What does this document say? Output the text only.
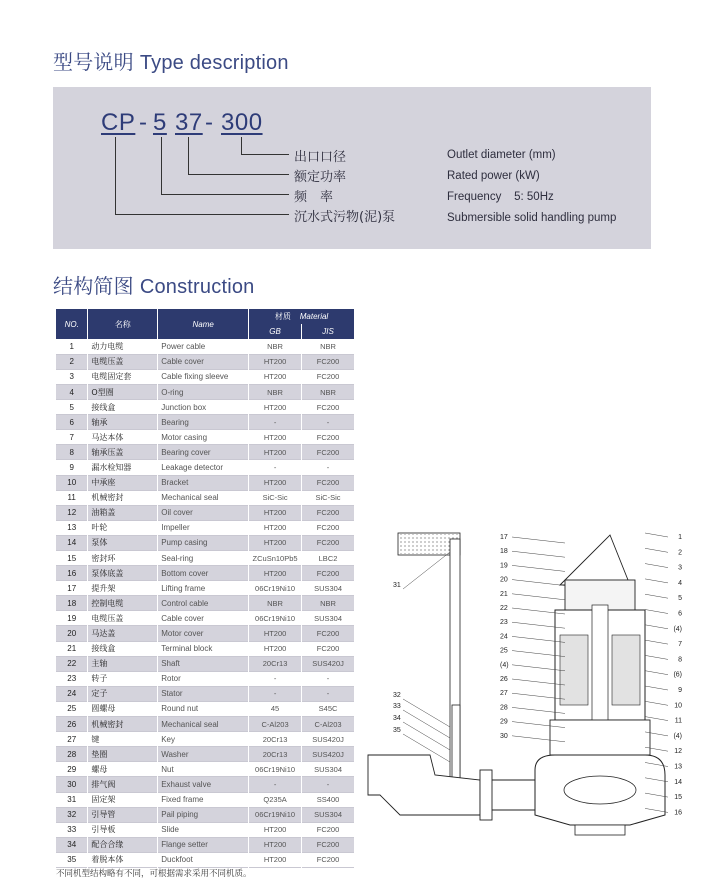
型号说明 Type description
CP - 5 37 - 300
出口口径
额定功率
频　率
沉水式污物(泥)泵
Outlet diameter (mm)
Rated power (kW)
Frequency    5: 50Hz
Submersible solid handling pump
结构简图 Construction
NO.	名称	Name	材质 Material	
			GB	JIS
1	动力电缆	Power cable	NBR	NBR
2	电缆压盖	Cable cover	HT200	FC200
3	电缆固定套	Cable fixing sleeve	HT200	FC200
4	O型圈	O-ring	NBR	NBR
5	接线盒	Junction box	HT200	FC200
6	轴承	Bearing	-	-
7	马达本体	Motor casing	HT200	FC200
8	轴承压盖	Bearing cover	HT200	FC200
9	漏水检知器	Leakage detector	-	-
10	中承座	Bracket	HT200	FC200
11	机械密封	Mechanical seal	SiC-Sic	SiC-Sic
12	油箱盖	Oil cover	HT200	FC200
13	叶轮	Impeller	HT200	FC200
14	泵体	Pump casing	HT200	FC200
15	密封环	Seal-ring	ZCuSn10Pb5	LBC2
16	泵体底盖	Bottom cover	HT200	FC200
17	提升架	Lifting frame	06Cr19Ni10	SUS304
18	控制电缆	Control cable	NBR	NBR
19	电缆压盖	Cable cover	06Cr19Ni10	SUS304
20	马达盖	Motor cover	HT200	FC200
21	接线盒	Terminal block	HT200	FC200
22	主轴	Shaft	20Cr13	SUS420J
23	转子	Rotor	-	-
24	定子	Stator	-	-
25	圆螺母	Round nut	45	S45C
26	机械密封	Mechanical seal	C-Al203	C-Al203
27	键	Key	20Cr13	SUS420J
28	垫圈	Washer	20Cr13	SUS420J
29	螺母	Nut	06Cr19Ni10	SUS304
30	排气阀	Exhaust valve	-	-
31	固定架	Fixed frame	Q235A	SS400
32	引导管	Pail piping	06Cr19Ni10	SUS304
33	引导板	Slide	HT200	FC200
34	配合合缘	Flange setter	HT200	FC200
35	着脱本体	Duckfoot	HT200	FC200
不同机型结构略有不同，可根据需求采用不同机质。
17
18
19
20
21
22
23
24
25
(4)
26
27
28
29
30
1
2
3
4
5
6
(4)
7
8
(6)
9
10
11
(4)
12
13
14
15
16
31
32
33
34
35
